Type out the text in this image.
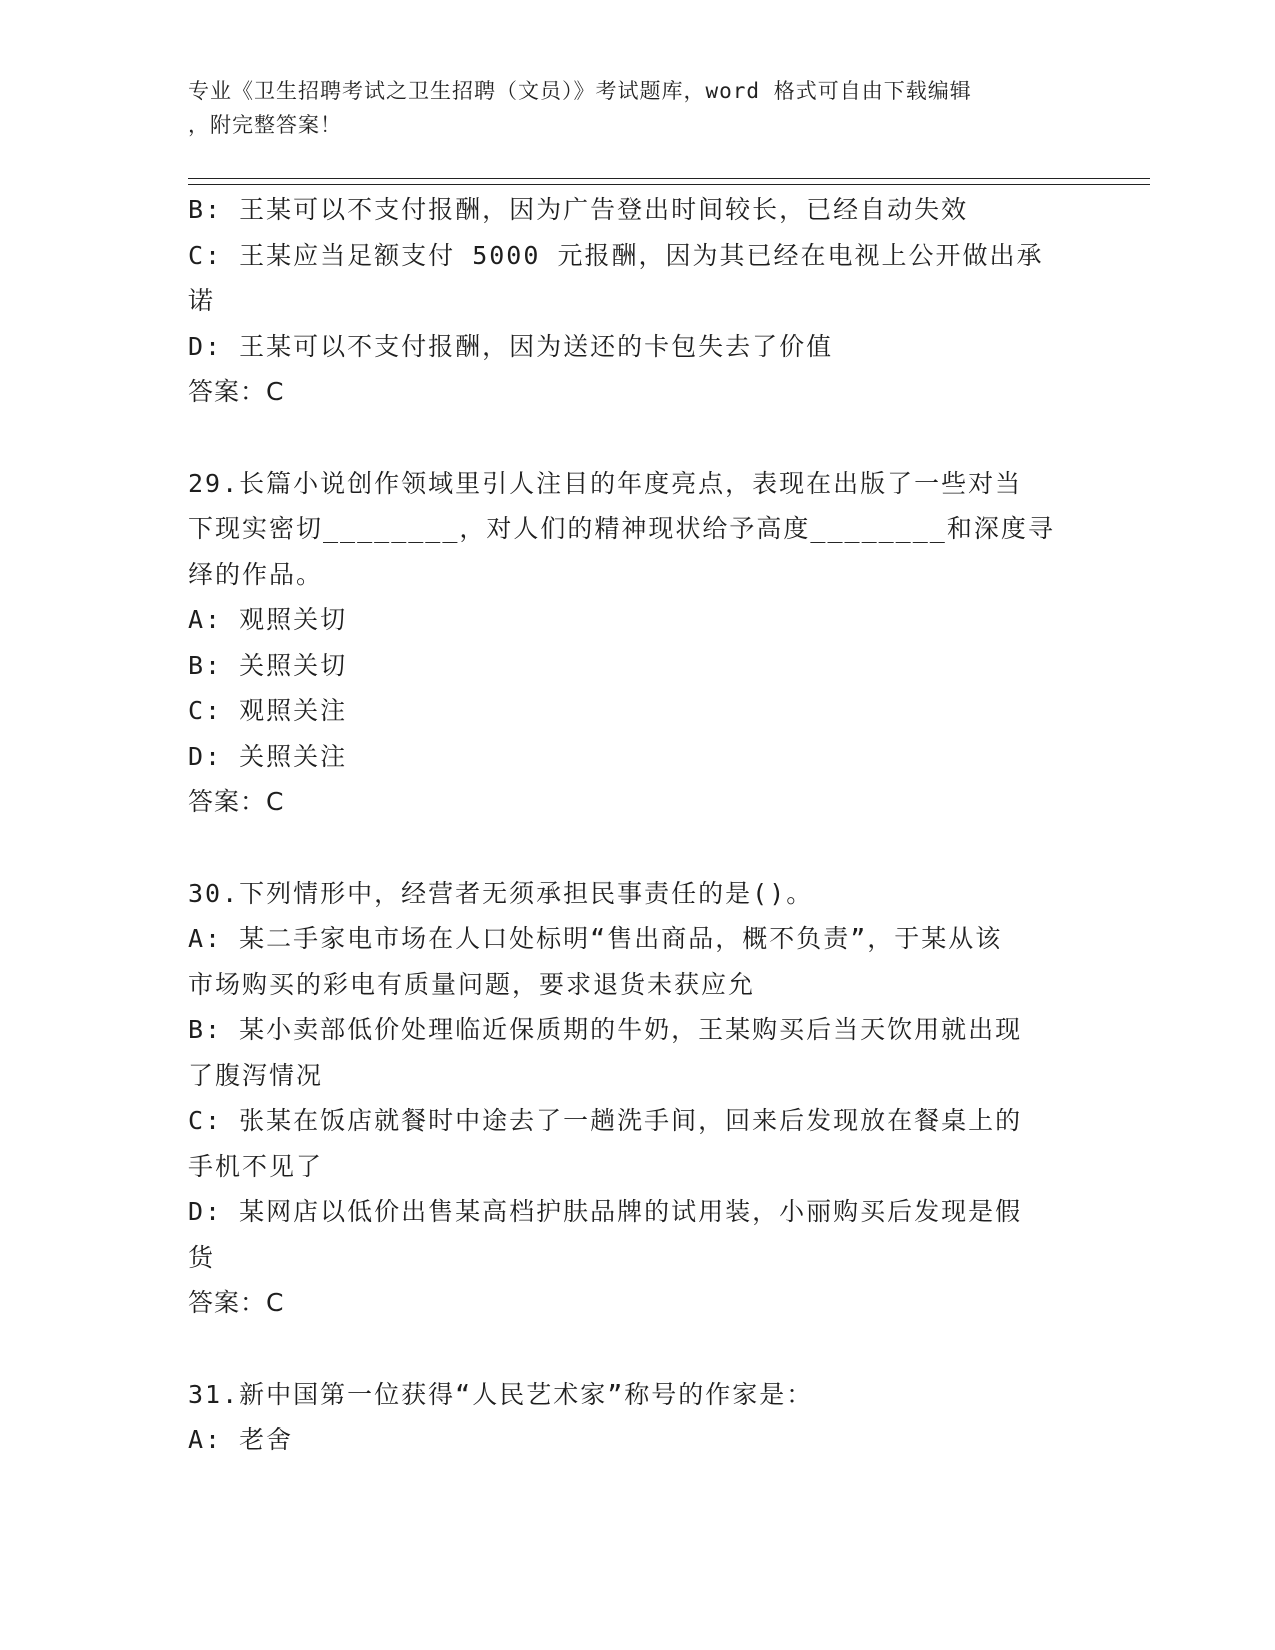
专业《卫生招聘考试之卫生招聘（文员）》考试题库，word 格式可自由下载编辑
，附完整答案！
B: 王某可以不支付报酬，因为广告登出时间较长，已经自动失效
C: 王某应当足额支付 5000 元报酬，因为其已经在电视上公开做出承
诺
D: 王某可以不支付报酬，因为送还的卡包失去了价值
答案：C
29.长篇小说创作领域里引人注目的年度亮点，表现在出版了一些对当
下现实密切________，对人们的精神现状给予高度________和深度寻
绎的作品。
A: 观照关切
B: 关照关切
C: 观照关注
D: 关照关注
答案：C
30.下列情形中，经营者无须承担民事责任的是()。
A: 某二手家电市场在人口处标明“售出商品，概不负责”，于某从该
市场购买的彩电有质量问题，要求退货未获应允
B: 某小卖部低价处理临近保质期的牛奶，王某购买后当天饮用就出现
了腹泻情况
C: 张某在饭店就餐时中途去了一趟洗手间，回来后发现放在餐桌上的
手机不见了
D: 某网店以低价出售某高档护肤品牌的试用装，小丽购买后发现是假
货
答案：C
31.新中国第一位获得“人民艺术家”称号的作家是：
A: 老舍
